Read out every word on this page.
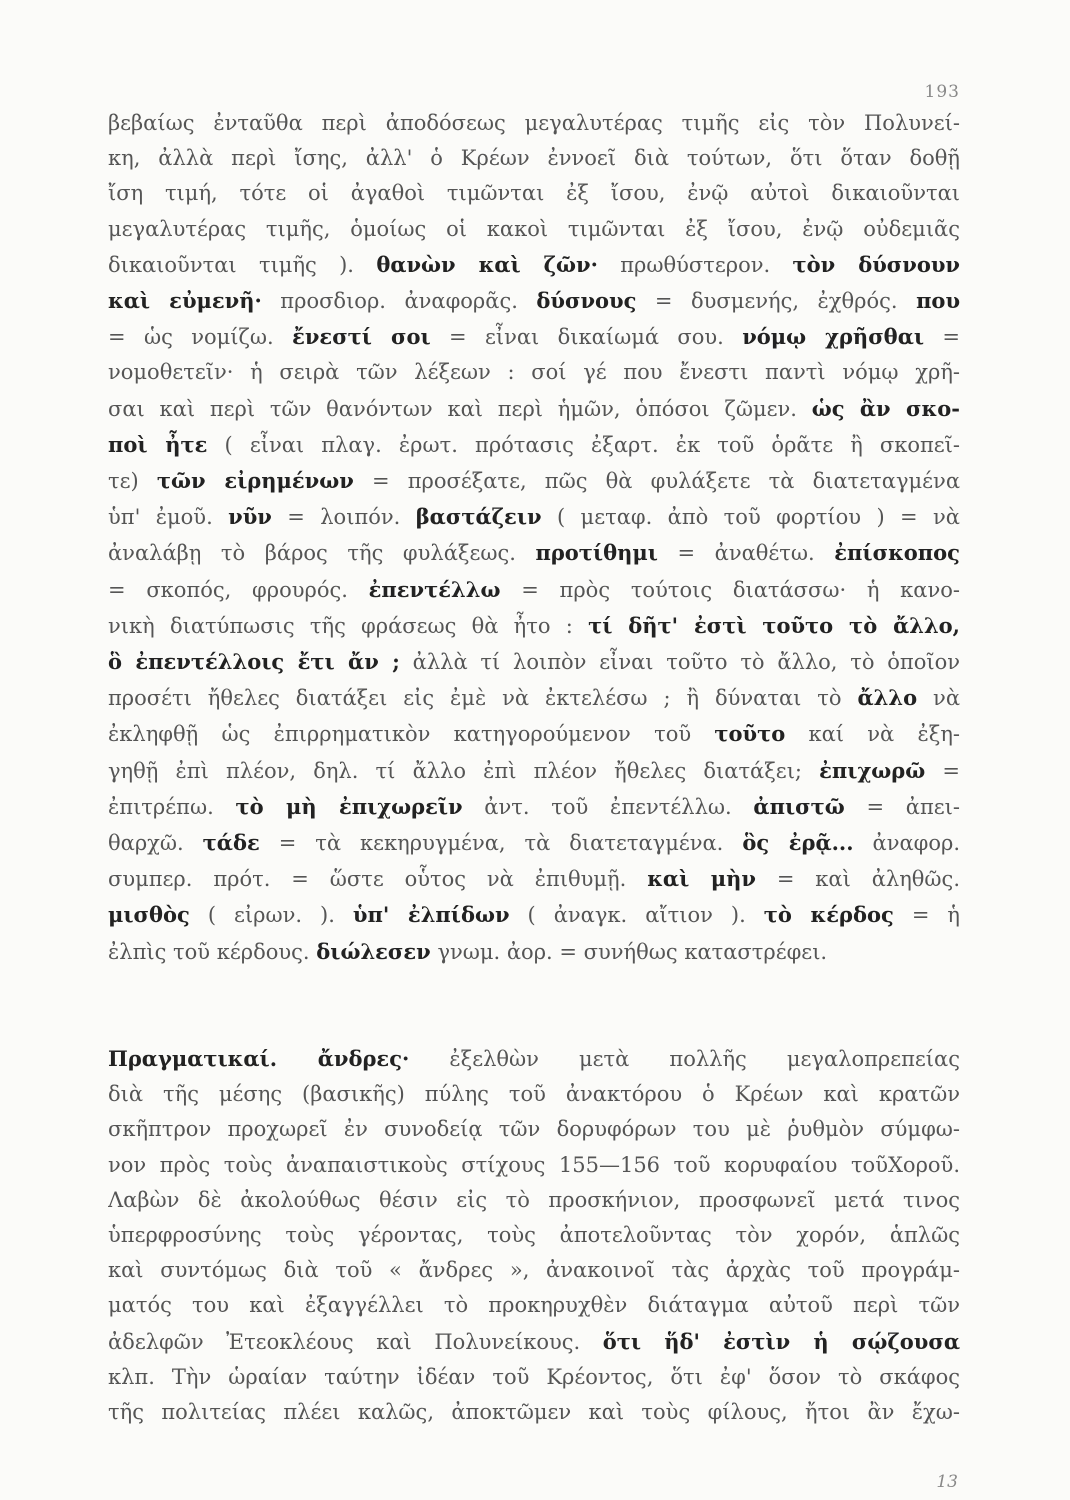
193
βεβαίως ἐνταῦθα περὶ ἀποδόσεως μεγαλυτέρας τιμῆς εἰς τὸν Πολυνεί-
κη, ἀλλὰ περὶ ἴσης, ἀλλ' ὁ Κρέων ἐννοεῖ διὰ τούτων, ὅτι ὅταν δοθῇ
ἴση τιμή, τότε οἱ ἀγαθοὶ τιμῶνται ἐξ ἴσου, ἐνῷ αὐτοὶ δικαιοῦνται
μεγαλυτέρας τιμῆς, ὁμοίως οἱ κακοὶ τιμῶνται ἐξ ἴσου, ἐνῷ οὐδεμιᾶς
δικαιοῦνται τιμῆς ). θανὼν καὶ ζῶν· πρωθύστερον. τὸν δύσνουν
καὶ εὐμενῆ· προσδιορ. ἀναφορᾶς. δύσνους = δυσμενής, ἐχθρός. που
= ὡς νομίζω. ἔνεστί σοι = εἶναι δικαίωμά σου. νόμῳ χρῆσθαι =
νομοθετεῖν· ἡ σειρὰ τῶν λέξεων : σοί γέ που ἔνεστι παντὶ νόμῳ χρῆ-
σαι καὶ περὶ τῶν θανόντων καὶ περὶ ἡμῶν, ὁπόσοι ζῶμεν. ὡς ἂν σκο-
ποὶ ἦτε ( εἶναι πλαγ. ἐρωτ. πρότασις ἐξαρτ. ἐκ τοῦ ὁρᾶτε ἢ σκοπεῖ-
τε) τῶν εἰρημένων = προσέξατε, πῶς θὰ φυλάξετε τὰ διατεταγμένα
ὑπ' ἐμοῦ. νῦν = λοιπόν. βαστάζειν ( μεταφ. ἀπὸ τοῦ φορτίου ) = νὰ
ἀναλάβῃ τὸ βάρος τῆς φυλάξεως. προτίθημι = ἀναθέτω. ἐπίσκοπος
= σκοπός, φρουρός. ἐπεντέλλω = πρὸς τούτοις διατάσσω· ἡ κανο-
νικὴ διατύπωσις τῆς φράσεως θὰ ἦτο : τί δῆτ' ἐστὶ τοῦτο τὸ ἄλλο,
ὃ ἐπεντέλλοις ἔτι ἄν ; ἀλλὰ τί λοιπὸν εἶναι τοῦτο τὸ ἄλλο, τὸ ὁποῖον
προσέτι ἤθελες διατάξει εἰς ἐμὲ νὰ ἐκτελέσω ; ἢ δύναται τὸ ἄλλο νὰ
ἐκληφθῇ ὡς ἐπιρρηματικὸν κατηγορούμενον τοῦ τοῦτο καί νὰ ἐξη-
γηθῇ ἐπὶ πλέον, δηλ. τί ἄλλο ἐπὶ πλέον ἤθελες διατάξει; ἐπιχωρῶ =
ἐπιτρέπω. τὸ μὴ ἐπιχωρεῖν ἀντ. τοῦ ἐπεντέλλω. ἀπιστῶ = ἀπει-
θαρχῶ. τάδε = τὰ κεκηρυγμένα, τὰ διατεταγμένα. ὃς ἐρᾷ... ἀναφορ.
συμπερ. πρότ. = ὥστε οὗτος νὰ ἐπιθυμῇ. καὶ μὴν = καὶ ἀληθῶς.
μισθὸς ( εἰρων. ). ὑπ' ἐλπίδων ( ἀναγκ. αἴτιον ). τὸ κέρδος = ἡ
ἐλπὶς τοῦ κέρδους. διώλεσεν γνωμ. ἀορ. = συνήθως καταστρέφει.
Πραγματικαί. ἄνδρες· ἐξελθὼν μετὰ πολλῆς μεγαλοπρεπείας
διὰ τῆς μέσης (βασικῆς) πύλης τοῦ ἀνακτόρου ὁ Κρέων καὶ κρατῶν
σκῆπτρον προχωρεῖ ἐν συνοδείᾳ τῶν δορυφόρων του μὲ ῥυθμὸν σύμφω-
νον πρὸς τοὺς ἀναπαιστικοὺς στίχους 155—156 τοῦ κορυφαίου τοῦΧοροῦ.
Λαβὼν δὲ ἀκολούθως θέσιν εἰς τὸ προσκήνιον, προσφωνεῖ μετά τινος
ὑπερφροσύνης τοὺς γέροντας, τοὺς ἀποτελοῦντας τὸν χορόν, ἁπλῶς
καὶ συντόμως διὰ τοῦ « ἄνδρες », ἀνακοινοῖ τὰς ἀρχὰς τοῦ προγράμ-
ματός του καὶ ἐξαγγέλλει τὸ προκηρυχθὲν διάταγμα αὐτοῦ περὶ τῶν
ἀδελφῶν Ἐτεοκλέους καὶ Πολυνείκους. ὅτι ἥδ' ἐστὶν ἡ σῴζουσα
κλπ. Τὴν ὡραίαν ταύτην ἰδέαν τοῦ Κρέοντος, ὅτι ἐφ' ὅσον τὸ σκάφος
τῆς πολιτείας πλέει καλῶς, ἀποκτῶμεν καὶ τοὺς φίλους, ἤτοι ἂν ἔχω-
13
